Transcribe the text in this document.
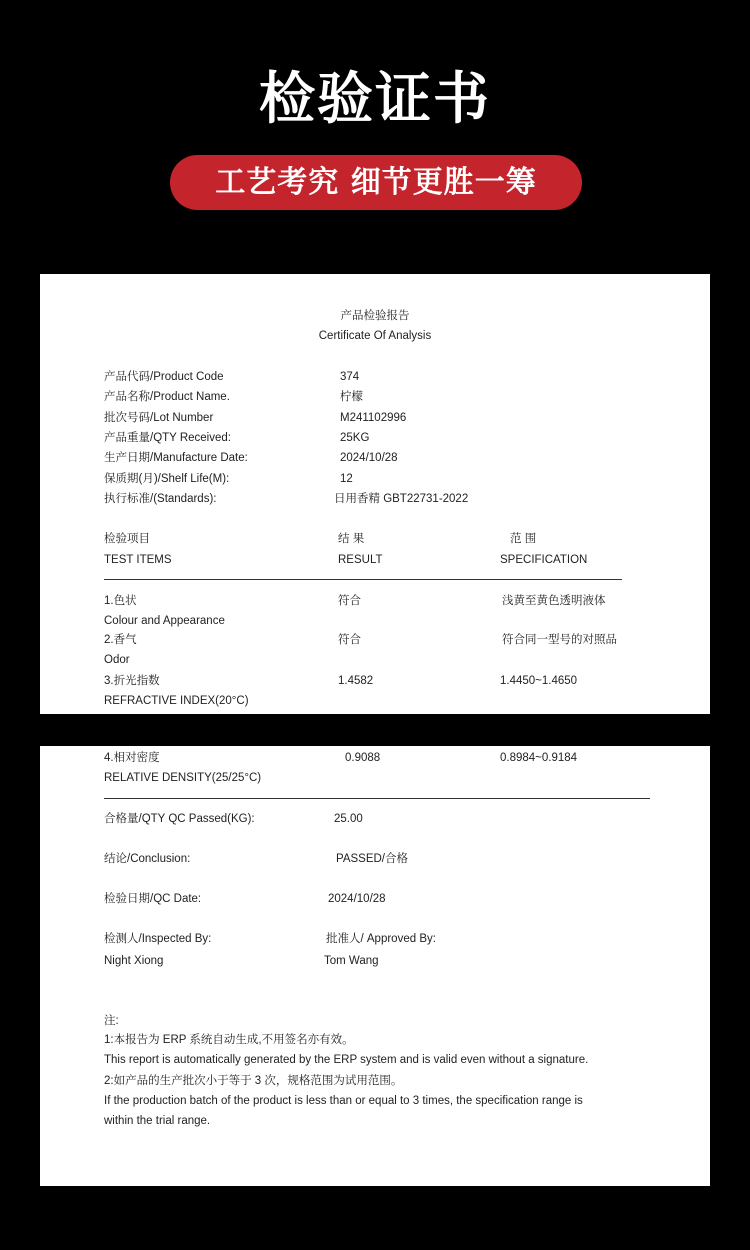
检验证书
工艺考究 细节更胜一筹
产品检验报告
Certificate Of Analysis
产品代码/Product Code	374
产品名称/Product Name.	柠檬
批次号码/Lot Number	M241102996
产品重量/QTY Received:	25KG
生产日期/Manufacture Date:	2024/10/28
保质期(月)/Shelf Life(M):	12
执行标准/(Standards):	日用香精 GBT22731-2022
检验项目	结 果	范 围
TEST ITEMS	RESULT	SPECIFICATION
1.色状	符合	浅黄至黄色透明液体
Colour and Appearance
2.香气	符合	符合同一型号的对照品
Odor
3.折光指数	1.4582	1.4450~1.4650
REFRACTIVE INDEX(20°C)
4.相对密度	0.9088	0.8984~0.9184
RELATIVE DENSITY(25/25°C)
合格量/QTY QC Passed(KG):	25.00
结论/Conclusion:	PASSED/合格
检验日期/QC Date:	2024/10/28
检测人/Inspected By:	批准人/ Approved By:
Night Xiong	Tom Wang
注:
1:本报告为 ERP 系统自动生成,不用签名亦有效。
This report is automatically generated by the ERP system and is valid even without a signature.
2:如产品的生产批次小于等于 3 次，规格范围为试用范围。
If the production batch of the product is less than or equal to 3 times, the specification range is
within the trial range.
